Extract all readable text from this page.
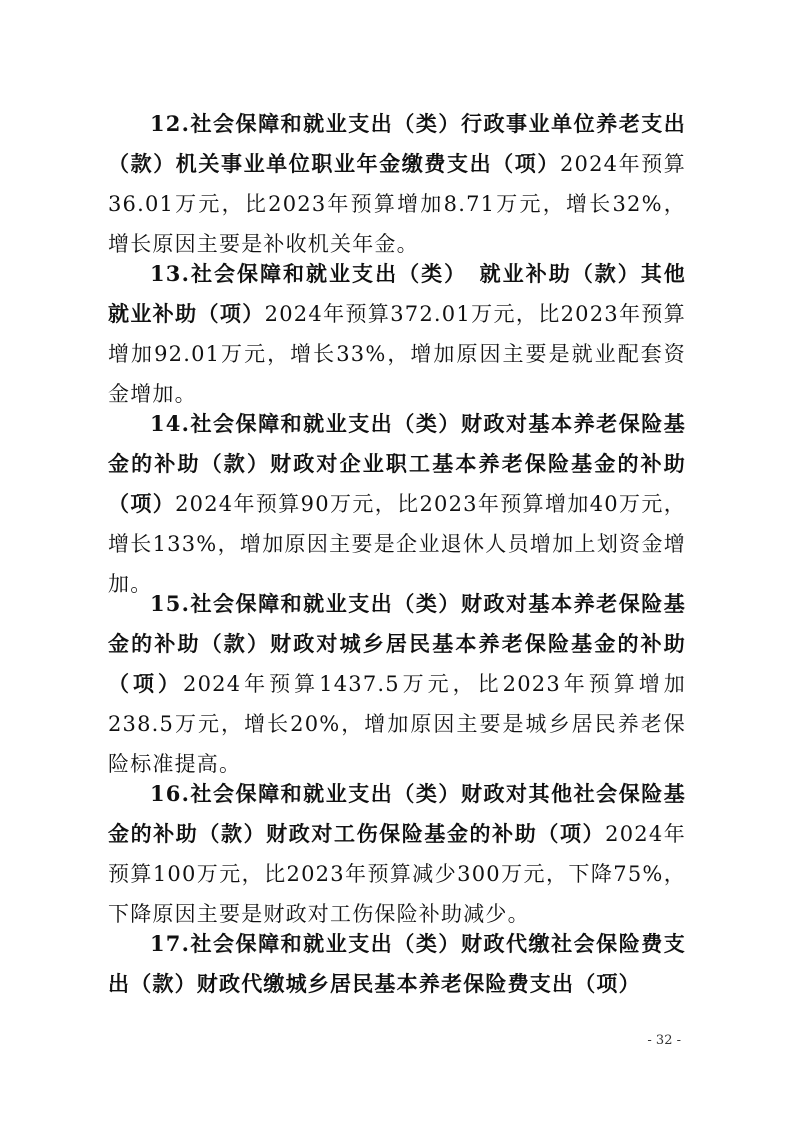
12.社会保障和就业支出（类）行政事业单位养老支出（款）机关事业单位职业年金缴费支出（项）2024年预算36.01万元，比2023年预算增加8.71万元，增长32%，增长原因主要是补收机关年金。

13.社会保障和就业支出（类）　就业补助（款）其他就业补助（项）2024年预算372.01万元，比2023年预算增加92.01万元，增长33%，增加原因主要是就业配套资金增加。

14.社会保障和就业支出（类）财政对基本养老保险基金的补助（款）财政对企业职工基本养老保险基金的补助（项）2024年预算90万元，比2023年预算增加40万元，增长133%，增加原因主要是企业退休人员增加上划资金增加。

15.社会保障和就业支出（类）财政对基本养老保险基金的补助（款）财政对城乡居民基本养老保险基金的补助（项）2024年预算1437.5万元，比2023年预算增加238.5万元，增长20%，增加原因主要是城乡居民养老保险标准提高。

16.社会保障和就业支出（类）财政对其他社会保险基金的补助（款）财政对工伤保险基金的补助（项）2024年预算100万元，比2023年预算减少300万元，下降75%，下降原因主要是财政对工伤保险补助减少。

17.社会保障和就业支出（类）财政代缴社会保险费支出（款）财政代缴城乡居民基本养老保险费支出（项）

- 32 -
